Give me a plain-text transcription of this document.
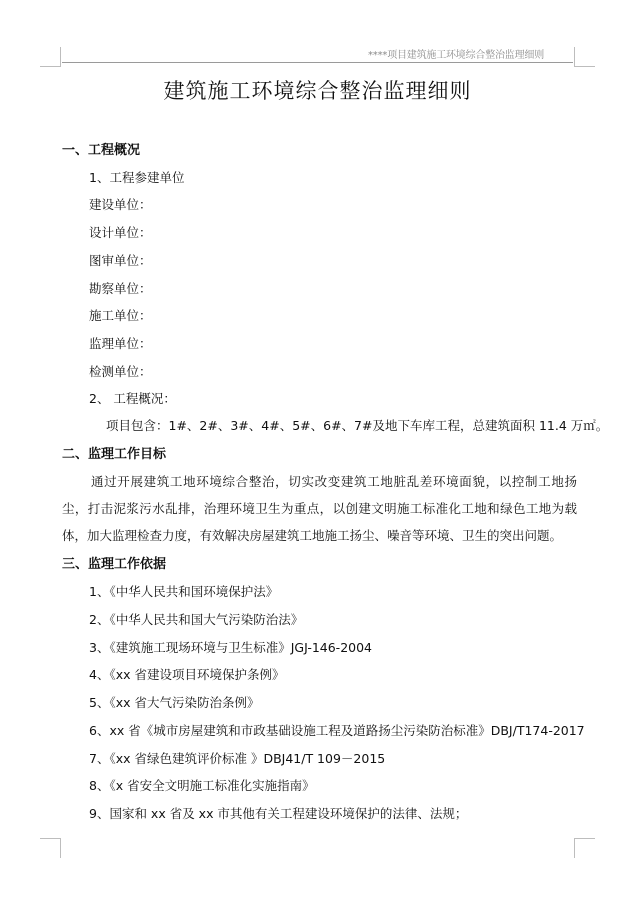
****项目建筑施工环境综合整治监理细则
建筑施工环境综合整治监理细则
一、工程概况
1、工程参建单位
建设单位：
设计单位：
图审单位：
勘察单位：
施工单位：
监理单位：
检测单位：
2、 工程概况：
项目包含：1#、2#、3#、4#、5#、6#、7#及地下车库工程，总建筑面积 11.4 万㎡。
二、监理工作目标
通过开展建筑工地环境综合整治，切实改变建筑工地脏乱差环境面貌，以控制工地扬尘，打击泥浆污水乱排，治理环境卫生为重点，以创建文明施工标准化工地和绿色工地为载体，加大监理检查力度，有效解决房屋建筑工地施工扬尘、噪音等环境、卫生的突出问题。
三、监理工作依据
1、《中华人民共和国环境保护法》
2、《中华人民共和国大气污染防治法》
3、《建筑施工现场环境与卫生标准》JGJ-146-2004
4、《xx 省建设项目环境保护条例》
5、《xx 省大气污染防治条例》
6、xx 省《城市房屋建筑和市政基础设施工程及道路扬尘污染防治标准》DBJ/T174-2017
7、《xx 省绿色建筑评价标准 》DBJ41/T 109－2015
8、《x 省安全文明施工标准化实施指南》
9、国家和 xx 省及 xx 市其他有关工程建设环境保护的法律、法规；
